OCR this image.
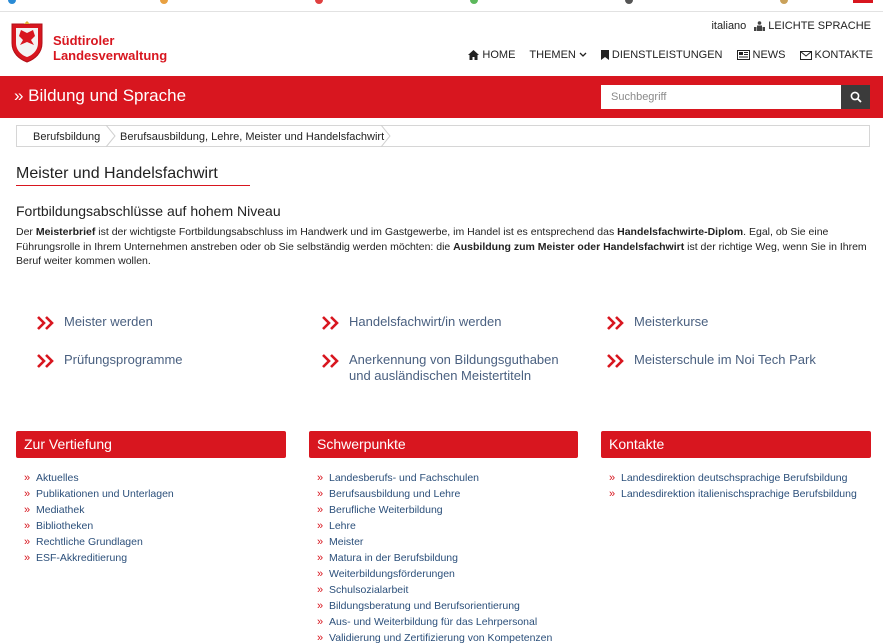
Südtiroler
Landesverwaltung
italiano LEICHTE SPRACHE
HOME THEMEN	DIENSTLEISTUNGEN	NEWS	KONTAKTE
» Bildung und Sprache
Suchbegriff
Berufsbildung Berufsausbildung, Lehre, Meister und Handelsfachwirt
Meister und Handelsfachwirt
Fortbildungsabschlüsse auf hohem Niveau

Der Meisterbrief ist der wichtigste Fortbildungsabschluss im Handwerk und im Gastgewerbe, im Handel ist es entsprechend das Handelsfachwirte-Diplom. Egal, ob Sie eine Führungsrolle in Ihrem Unternehmen anstreben oder ob Sie selbständig werden möchten: die Ausbildung zum Meister oder Handelsfachwirt ist der richtige Weg, wenn Sie in Ihrem Beruf weiter kommen wollen.

Meister werden	Handelsfachwirt/in werden	Meisterkurse
Prüfungsprogramme	Anerkennung von Bildungsguthaben
und ausländischen Meistertiteln
Meisterschule im Noi Tech Park
Zur Vertiefung
» Aktuelles
» Publikationen und Unterlagen
» Mediathek
» Bibliotheken
» Rechtliche Grundlagen
» ESF-Akkreditierung
Schwerpunkte
» Landesberufs- und Fachschulen
» Berufsausbildung und Lehre
» Berufliche Weiterbildung
» Lehre
» Meister
» Matura in der Berufsbildung
» Weiterbildungsförderungen
» Schulsozialarbeit
» Bildungsberatung und Berufsorientierung
» Aus- und Weiterbildung für das Lehrpersonal
» Validierung und Zertifizierung von Kompetenzen
Kontakte
» Landesdirektion deutschsprachige Berufsbildung
» Landesdirektion italienischsprachige Berufsbildung
